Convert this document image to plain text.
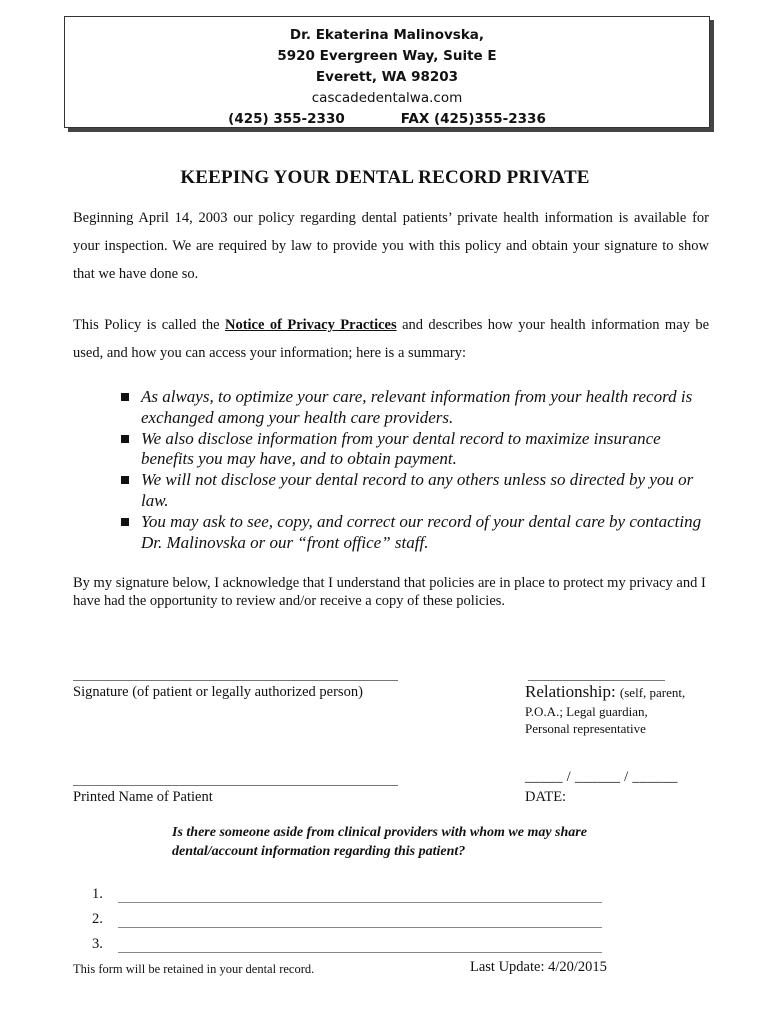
Dr. Ekaterina Malinovska,
5920 Evergreen Way, Suite E
Everett, WA 98203
cascadedentalwa.com
(425) 355-2330	FAX (425)355-2336
KEEPING YOUR DENTAL RECORD PRIVATE
Beginning April 14, 2003 our policy regarding dental patients’ private health information is available for your inspection. We are required by law to provide you with this policy and obtain your signature to show that we have done so.
This Policy is called the Notice of Privacy Practices and describes how your health information may be used, and how you can access your information; here is a summary:
As always, to optimize your care, relevant information from your health record is exchanged among your health care providers.
We also disclose information from your dental record to maximize insurance benefits you may have, and to obtain payment.
We will not disclose your dental record to any others unless so directed by you or law.
You may ask to see, copy, and correct our record of your dental care by contacting Dr. Malinovska or our “front office” staff.
By my signature below, I acknowledge that I understand that policies are in place to protect my privacy and I have had the opportunity to review and/or receive a copy of these policies.
Signature (of patient or legally authorized person)	Relationship: (self, parent,
P.O.A.; Legal guardian,
Personal representative
Printed Name of Patient
_____ / ______ / ______
DATE:
Is there someone aside from clinical providers with whom we may share dental/account information regarding this patient?
1.
2.
3.
This form will be retained in your dental record.	Last Update: 4/20/2015
